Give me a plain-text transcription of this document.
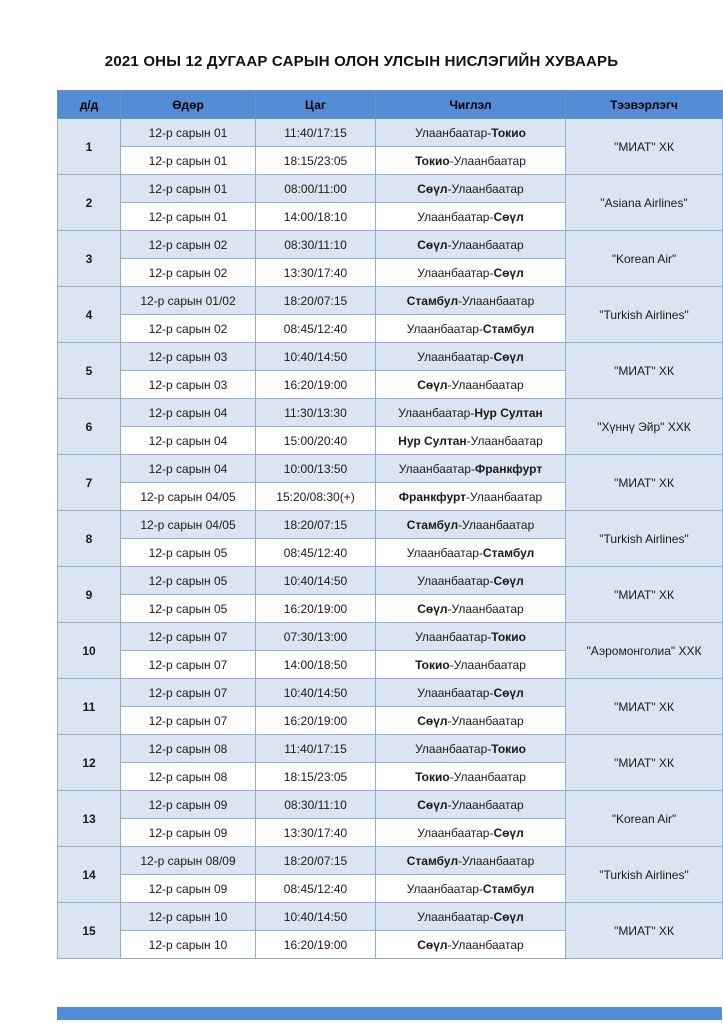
2021 ОНЫ 12 ДУГААР САРЫН ОЛОН УЛСЫН НИСЛЭГИЙН ХУВААРЬ
д/д	Өдөр	Цаг	Чиглэл	Тээвэрлэгч
1	12-р сарын 01	11:40/17:15	Улаанбаатар-Токио	"МИАТ" ХК
	12-р сарын 01	18:15/23:05	Токио-Улаанбаатар	
2	12-р сарын 01	08:00/11:00	Сөүл-Улаанбаатар	"Asiana Airlines"
	12-р сарын 01	14:00/18:10	Улаанбаатар-Сөүл	
3	12-р сарын 02	08:30/11:10	Сөүл-Улаанбаатар	"Korean Air"
	12-р сарын 02	13:30/17:40	Улаанбаатар-Сөүл	
4	12-р сарын 01/02	18:20/07:15	Стамбул-Улаанбаатар	"Turkish Airlines"
	12-р сарын 02	08:45/12:40	Улаанбаатар-Стамбул	
5	12-р сарын 03	10:40/14:50	Улаанбаатар-Сөүл	"МИАТ" ХК
	12-р сарын 03	16:20/19:00	Сөүл-Улаанбаатар	
6	12-р сарын 04	11:30/13:30	Улаанбаатар-Нур Султан	"Хүннү Эйр" ХХК
	12-р сарын 04	15:00/20:40	Нур Султан-Улаанбаатар	
7	12-р сарын 04	10:00/13:50	Улаанбаатар-Франкфурт	"МИАТ" ХК
	12-р сарын 04/05	15:20/08:30(+)	Франкфурт-Улаанбаатар	
8	12-р сарын 04/05	18:20/07:15	Стамбул-Улаанбаатар	"Turkish Airlines"
	12-р сарын 05	08:45/12:40	Улаанбаатар-Стамбул	
9	12-р сарын 05	10:40/14:50	Улаанбаатар-Сөүл	"МИАТ" ХК
	12-р сарын 05	16:20/19:00	Сөүл-Улаанбаатар	
10	12-р сарын 07	07:30/13:00	Улаанбаатар-Токио	"Аэромонголиа" ХХК
	12-р сарын 07	14:00/18:50	Токио-Улаанбаатар	
11	12-р сарын 07	10:40/14:50	Улаанбаатар-Сөүл	"МИАТ" ХК
	12-р сарын 07	16:20/19:00	Сөүл-Улаанбаатар	
12	12-р сарын 08	11:40/17:15	Улаанбаатар-Токио	"МИАТ" ХК
	12-р сарын 08	18:15/23:05	Токио-Улаанбаатар	
13	12-р сарын 09	08:30/11:10	Сөүл-Улаанбаатар	"Korean Air"
	12-р сарын 09	13:30/17:40	Улаанбаатар-Сөүл	
14	12-р сарын 08/09	18:20/07:15	Стамбул-Улаанбаатар	"Turkish Airlines"
	12-р сарын 09	08:45/12:40	Улаанбаатар-Стамбул	
15	12-р сарын 10	10:40/14:50	Улаанбаатар-Сөүл	"МИАТ" ХК
	12-р сарын 10	16:20/19:00	Сөүл-Улаанбаатар	
